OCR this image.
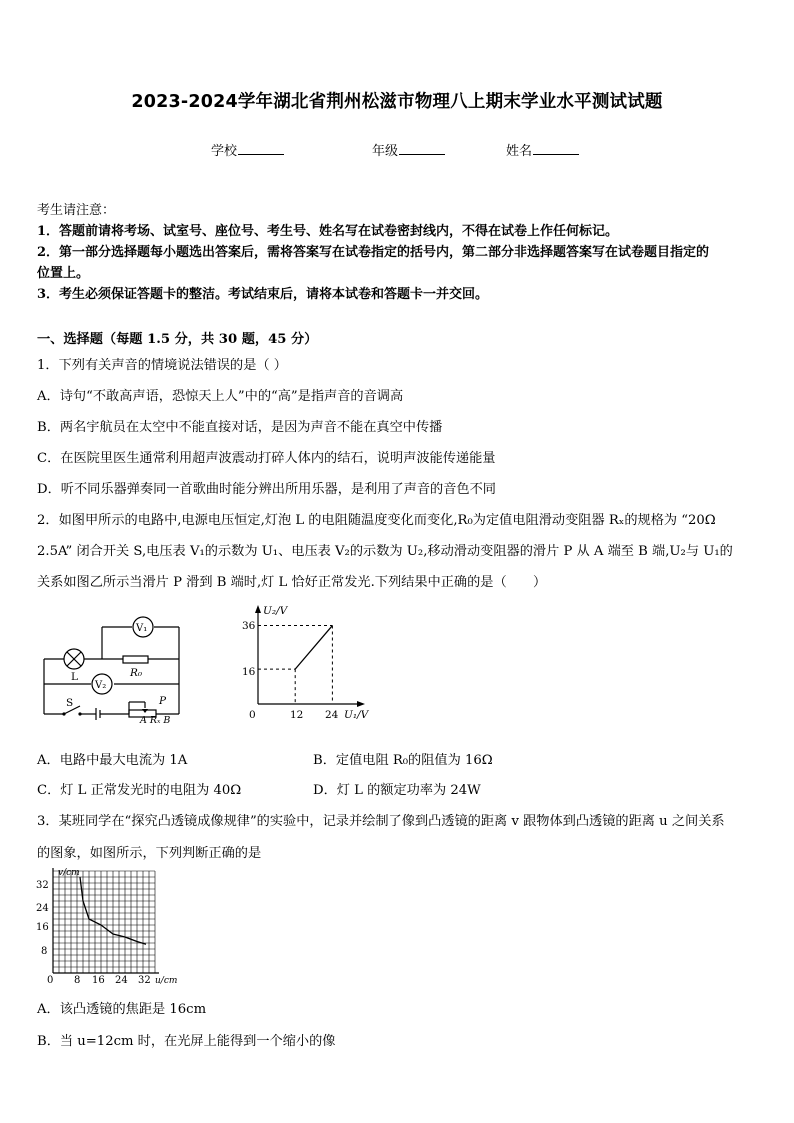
2023-2024学年湖北省荆州松滋市物理八上期末学业水平测试试题
学校	年级	姓名
考生请注意：
1．答题前请将考场、试室号、座位号、考生号、姓名写在试卷密封线内，不得在试卷上作任何标记。
2．第一部分选择题每小题选出答案后，需将答案写在试卷指定的括号内，第二部分非选择题答案写在试卷题目指定的
位置上。
3．考生必须保证答题卡的整洁。考试结束后，请将本试卷和答题卡一并交回。
一、选择题（每题 1.5 分，共 30 题，45 分）
1．下列有关声音的情境说法错误的是（ ）
A．诗句“不敢高声语，恐惊天上人”中的“高”是指声音的音调高
B．两名宇航员在太空中不能直接对话，是因为声音不能在真空中传播
C．在医院里医生通常利用超声波震动打碎人体内的结石，说明声波能传递能量
D．听不同乐器弹奏同一首歌曲时能分辨出所用乐器，是利用了声音的音色不同
2．如图甲所示的电路中,电源电压恒定,灯泡 L 的电阻随温度变化而变化,R₀为定值电阻滑动变阻器 Rₓ的规格为 “20Ω
2.5A” 闭合开关 S,电压表 V₁的示数为 U₁、电压表 V₂的示数为 U₂,移动滑动变阻器的滑片 P 从 A 端至 B 端,U₂与 U₁的
关系如图乙所示当滑片 P 滑到 B 端时,灯 L 恰好正常发光.下列结果中正确的是（　　）
V₁
V₂
L	R₀
S	P
A Rₓ B
U₂/V
U₁/V
0	12 24
16
36
A．电路中最大电流为 1A	B．定值电阻 R₀的阻值为 16Ω
C．灯 L 正常发光时的电阻为 40Ω	D．灯 L 的额定功率为 24W
3．某班同学在“探究凸透镜成像规律”的实验中，记录并绘制了像到凸透镜的距离 v 跟物体到凸透镜的距离 u 之间关系
的图象，如图所示，下列判断正确的是
v/cm
u/cm
0 8 16 24 32
8
16
24
32
A．该凸透镜的焦距是 16cm
B．当 u=12cm 时，在光屏上能得到一个缩小的像
